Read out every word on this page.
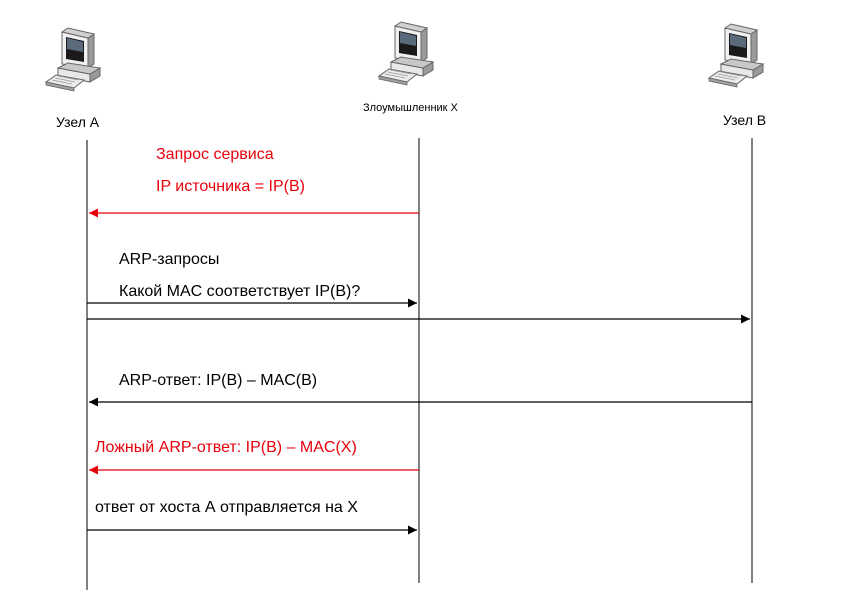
Узел А
Злоумышленник X
Узел В
Запрос сервиса
IP источника = IP(B)
ARP-запросы
Какой MAC соответствует IP(B)?
ARP-ответ: IP(B) – MAC(B)
Ложный ARP-ответ: IP(B) – MAC(X)
ответ от хоста А отправляется на Х
